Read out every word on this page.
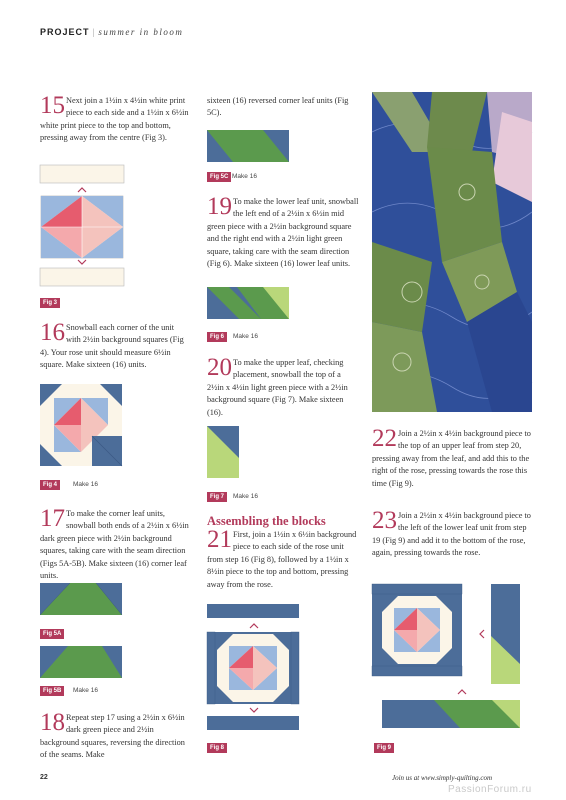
PROJECT | summer in bloom
15 Next join a 1½in x 4½in white print piece to each side and a 1½in x 6½in white print piece to the top and bottom, pressing away from the centre (Fig 3).
Fig 3
16 Snowball each corner of the unit with 2½in background squares (Fig 4). Your rose unit should measure 6½in square. Make sixteen (16) units.
Fig 4	Make 16
17 To make the corner leaf units, snowball both ends of a 2½in x 6½in dark green piece with 2½in background squares, taking care with the seam direction (Figs 5A-5B). Make sixteen (16) corner leaf units.
Fig 5A
Fig 5B	Make 16
18 Repeat step 17 using a 2½in x 6½in dark green piece and 2½in background squares, reversing the direction of the seams. Make
sixteen (16) reversed corner leaf units (Fig 5C).
Fig 5C Make 16
19 To make the lower leaf unit, snowball the left end of a 2½in x 6½in mid green piece with a 2½in background square and the right end with a 2½in light green square, taking care with the seam direction (Fig 6). Make sixteen (16) lower leaf units.
Fig 6	Make 16
20 To make the upper leaf, checking placement, snowball the top of a 2½in x 4½in light green piece with a 2½in background square (Fig 7). Make sixteen (16).
Fig 7	Make 16
Assembling the blocks
21 First, join a 1½in x 6½in background piece to each side of the rose unit from step 16 (Fig 8), followed by a 1½in x 8½in piece to the top and bottom, pressing away from the rose.
Fig 8
22 Join a 2½in x 4½in background piece to the top of an upper leaf from step 20, pressing away from the leaf, and add this to the right of the rose, pressing towards the rose this time (Fig 9).
23 Join a 2½in x 4½in background piece to the left of the lower leaf unit from step 19 (Fig 9) and add it to the bottom of the rose, again, pressing towards the rose.
Fig 9
22	Join us at www.simply-quilting.com
PassionForum.ru
